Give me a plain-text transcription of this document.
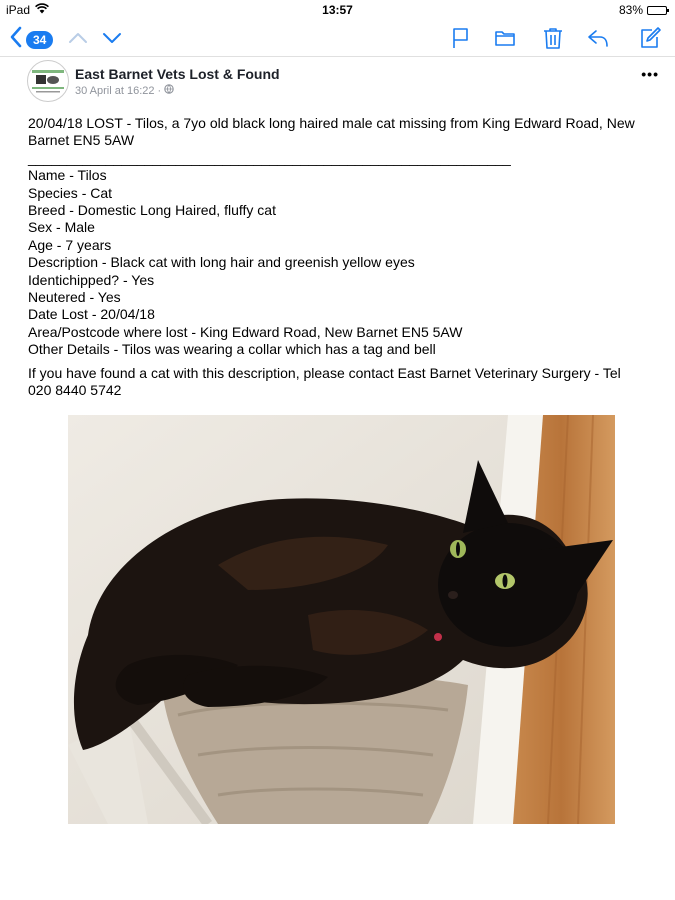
iPad	13:57	83%
34
East Barnet Vets Lost & Found
30 April at 16:22 ·
•••

20/04/18 LOST - Tilos, a 7yo old black long haired male cat missing from King Edward Road, New Barnet EN5 5AW

______________________________________________________________

Name - Tilos
Species - Cat
Breed - Domestic Long Haired, fluffy cat
Sex - Male
Age - 7 years
Description - Black cat with long hair and greenish yellow eyes
Identichipped? - Yes
Neutered - Yes
Date Lost - 20/04/18
Area/Postcode where lost - King Edward Road, New Barnet EN5 5AW
Other Details - Tilos was wearing a collar which has a tag and bell

If you have found a cat with this description, please contact East Barnet Veterinary Surgery - Tel 020 8440 5742
